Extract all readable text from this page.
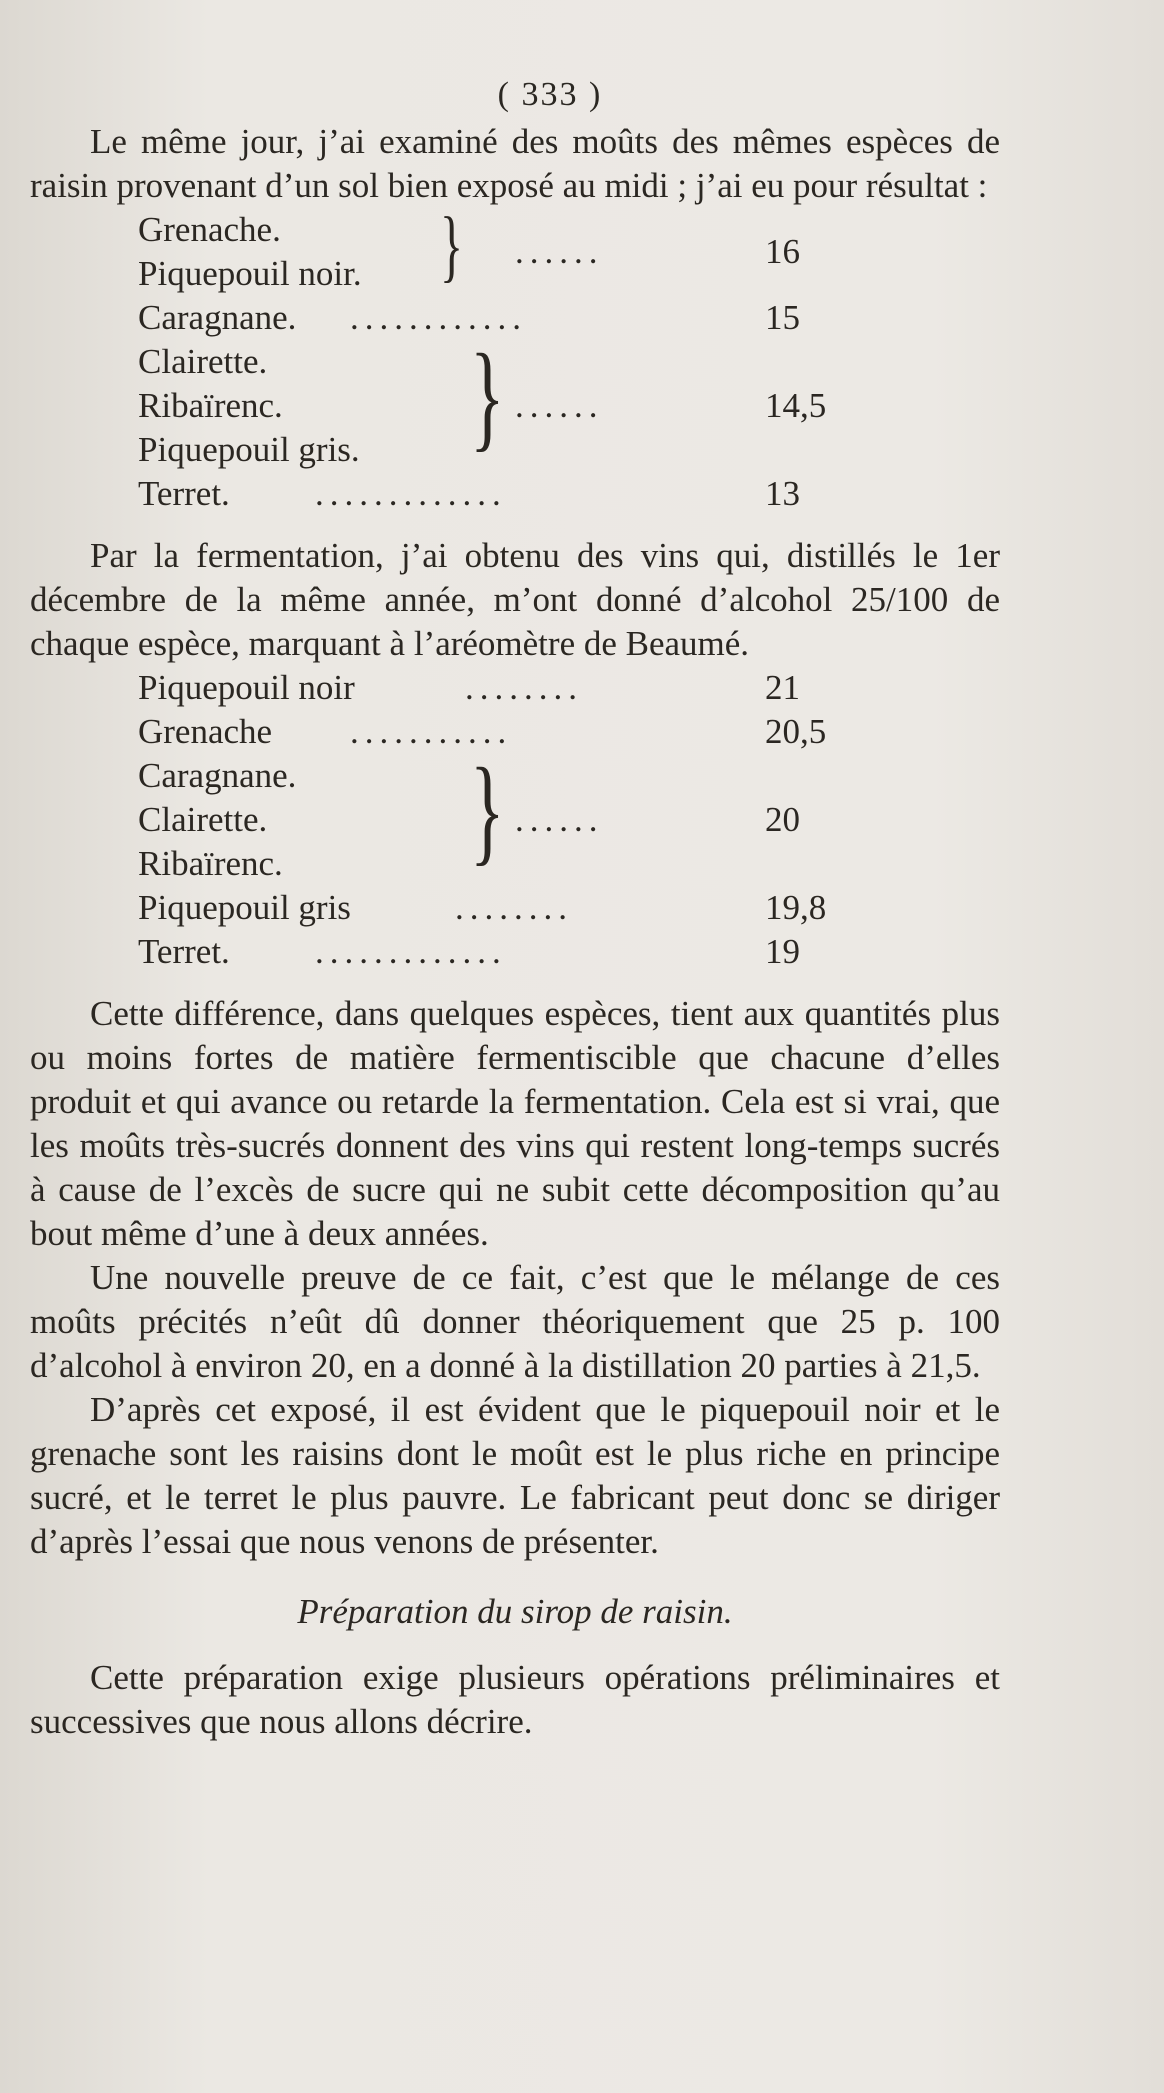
( 333 )

Le même jour, j’ai examiné des moûts des mêmes espèces de raisin provenant d’un sol bien exposé au midi ; j’ai eu pour résultat :

Grenache. }
Piquepouil noir.
......	16
Caragnane. ............	15
Clairette. }
Ribaïrenc.	......	14,5
Piquepouil gris.
Terret. .............	13

Par la fermentation, j’ai obtenu des vins qui, distillés le 1er décembre de la même année, m’ont donné d’alcohol 25/100 de chaque espèce, marquant à l’aréomètre de Beaumé.

Piquepouil noir	........	21
Grenache ...........	20,5
Caragnane. }
Clairette.	......	20
Ribaïrenc.
Piquepouil gris	........	19,8
Terret. .............	19

Cette différence, dans quelques espèces, tient aux quantités plus ou moins fortes de matière fermentiscible que chacune d’elles produit et qui avance ou retarde la fermentation. Cela est si vrai, que les moûts très-sucrés donnent des vins qui restent long-temps sucrés à cause de l’excès de sucre qui ne subit cette décomposition qu’au bout même d’une à deux années.

Une nouvelle preuve de ce fait, c’est que le mélange de ces moûts précités n’eût dû donner théoriquement que 25 p. 100 d’alcohol à environ 20, en a donné à la distillation 20 parties à 21,5.

D’après cet exposé, il est évident que le piquepouil noir et le grenache sont les raisins dont le moût est le plus riche en principe sucré, et le terret le plus pauvre. Le fabricant peut donc se diriger d’après l’essai que nous venons de présenter.

Préparation du sirop de raisin.

Cette préparation exige plusieurs opérations préliminaires et successives que nous allons décrire.
